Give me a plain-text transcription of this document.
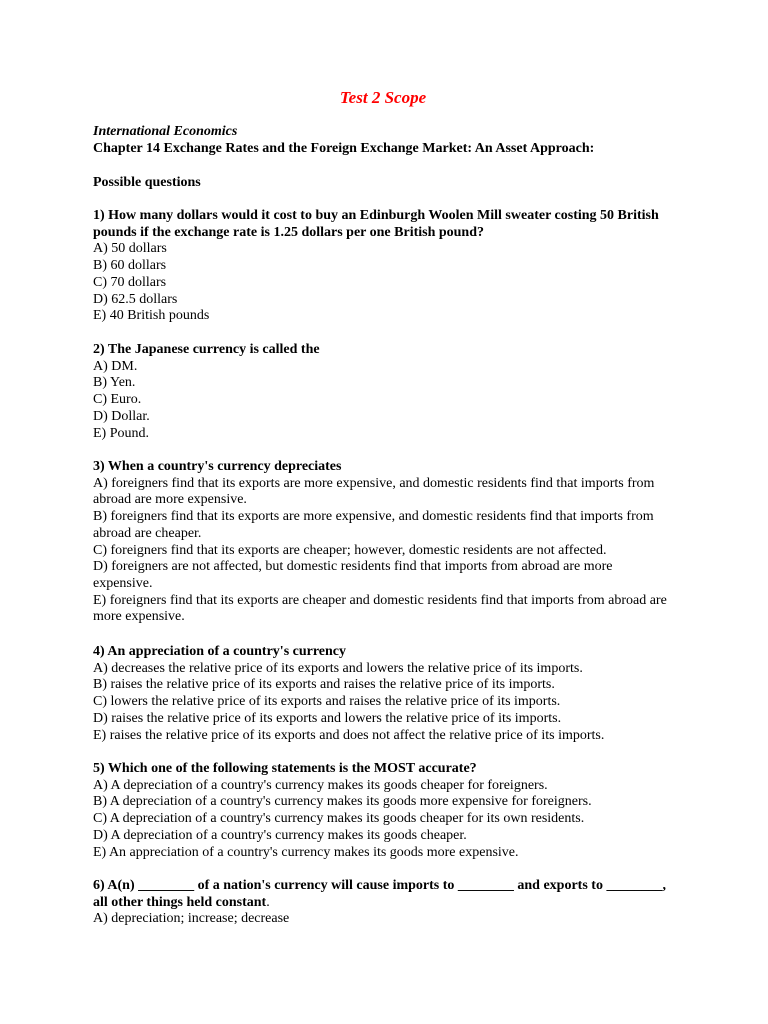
Test 2 Scope
International Economics
Chapter 14 Exchange Rates and the Foreign Exchange Market: An Asset Approach:
Possible questions
1) How many dollars would it cost to buy an Edinburgh Woolen Mill sweater costing 50 British pounds if the exchange rate is 1.25 dollars per one British pound?
A) 50 dollars
B) 60 dollars
C) 70 dollars
D) 62.5 dollars
E) 40 British pounds
2) The Japanese currency is called the
A) DM.
B) Yen.
C) Euro.
D) Dollar.
E) Pound.
3) When a country's currency depreciates
A) foreigners find that its exports are more expensive, and domestic residents find that imports from abroad are more expensive.
B) foreigners find that its exports are more expensive, and domestic residents find that imports from abroad are cheaper.
C) foreigners find that its exports are cheaper; however, domestic residents are not affected.
D) foreigners are not affected, but domestic residents find that imports from abroad are more expensive.
E) foreigners find that its exports are cheaper and domestic residents find that imports from abroad are more expensive.
4) An appreciation of a country's currency
A) decreases the relative price of its exports and lowers the relative price of its imports.
B) raises the relative price of its exports and raises the relative price of its imports.
C) lowers the relative price of its exports and raises the relative price of its imports.
D) raises the relative price of its exports and lowers the relative price of its imports.
E) raises the relative price of its exports and does not affect the relative price of its imports.
5) Which one of the following statements is the MOST accurate?
A) A depreciation of a country's currency makes its goods cheaper for foreigners.
B) A depreciation of a country's currency makes its goods more expensive for foreigners.
C) A depreciation of a country's currency makes its goods cheaper for its own residents.
D) A depreciation of a country's currency makes its goods cheaper.
E) An appreciation of a country's currency makes its goods more expensive.
6) A(n) ________ of a nation's currency will cause imports to ________ and exports to ________, all other things held constant.
A) depreciation; increase; decrease
